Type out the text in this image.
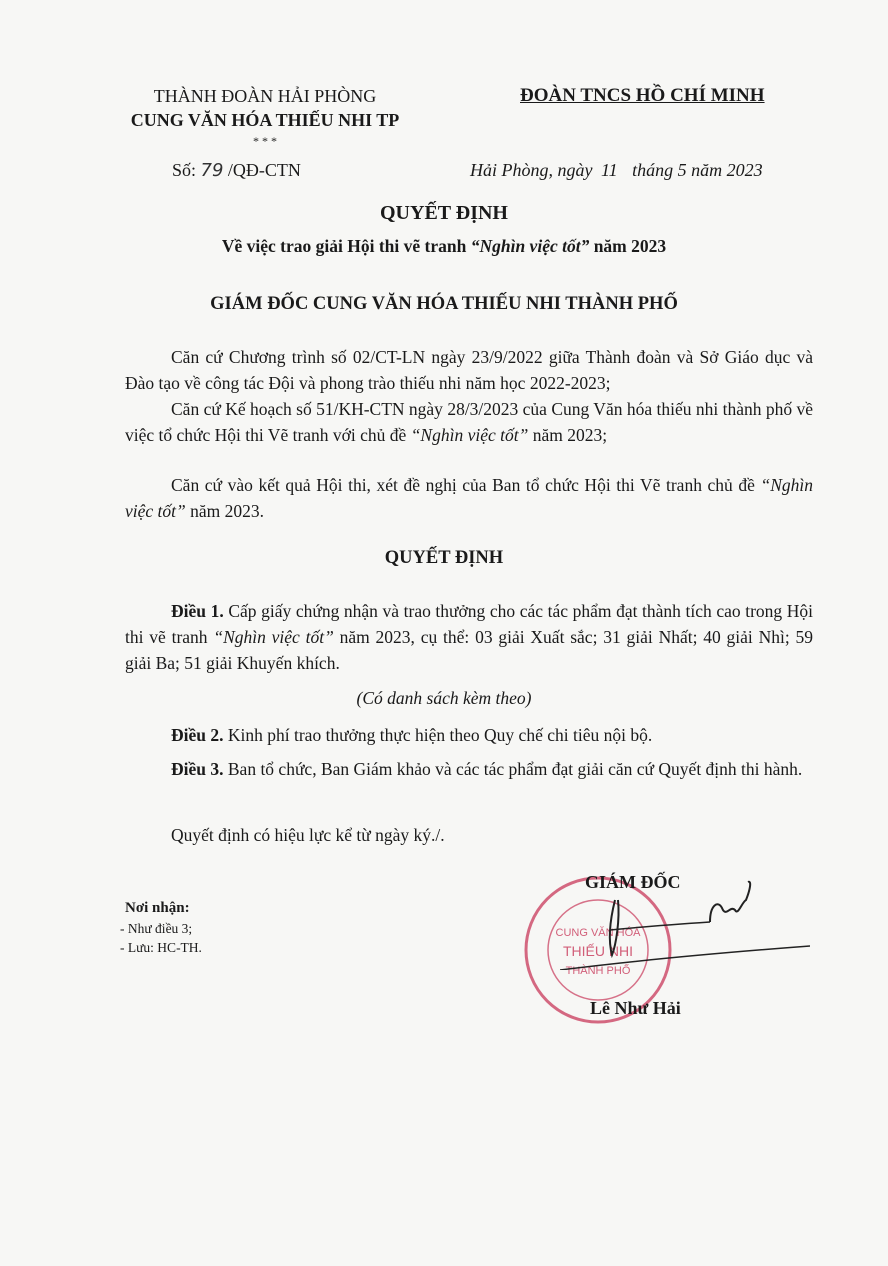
THÀNH ĐOÀN HẢI PHÒNG
CUNG VĂN HÓA THIẾU NHI TP
* * *
Số: 79 /QĐ-CTN
ĐOÀN TNCS HỒ CHÍ MINH
Hải Phòng, ngày 11 tháng 5 năm 2023
QUYẾT ĐỊNH
Về việc trao giải Hội thi vẽ tranh “Nghìn việc tốt” năm 2023
GIÁM ĐỐC CUNG VĂN HÓA THIẾU NHI THÀNH PHỐ
Căn cứ Chương trình số 02/CT-LN ngày 23/9/2022 giữa Thành đoàn và Sở Giáo dục và Đào tạo về công tác Đội và phong trào thiếu nhi năm học 2022-2023;
Căn cứ Kế hoạch số 51/KH-CTN ngày 28/3/2023 của Cung Văn hóa thiếu nhi thành phố về việc tổ chức Hội thi Vẽ tranh với chủ đề “Nghìn việc tốt” năm 2023;
Căn cứ vào kết quả Hội thi, xét đề nghị của Ban tổ chức Hội thi Vẽ tranh chủ đề “Nghìn việc tốt” năm 2023.
QUYẾT ĐỊNH
Điều 1. Cấp giấy chứng nhận và trao thưởng cho các tác phẩm đạt thành tích cao trong Hội thi vẽ tranh “Nghìn việc tốt” năm 2023, cụ thể: 03 giải Xuất sắc; 31 giải Nhất; 40 giải Nhì; 59 giải Ba; 51 giải Khuyến khích.
(Có danh sách kèm theo)
Điều 2. Kinh phí trao thưởng thực hiện theo Quy chế chi tiêu nội bộ.
Điều 3. Ban tổ chức, Ban Giám khảo và các tác phẩm đạt giải căn cứ Quyết định thi hành.
Quyết định có hiệu lực kể từ ngày ký./.
Nơi nhận:
- Như điều 3;
- Lưu: HC-TH.
CUNG VĂN HÓA
THIẾU NHI
THÀNH PHỐ
GIÁM ĐỐC
Lê Như Hải
